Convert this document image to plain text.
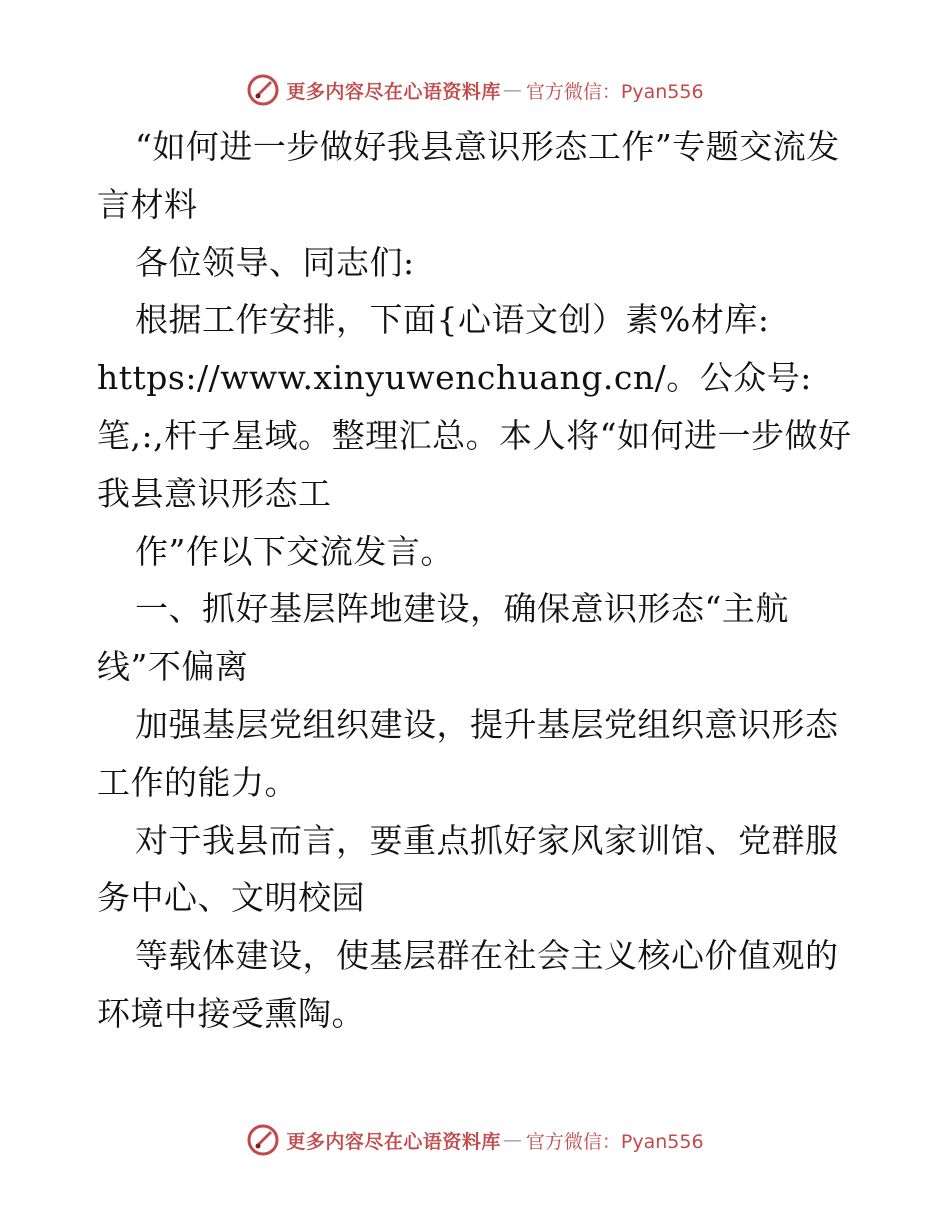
更多内容尽在心语资料库 — 官方微信：Pyan556

“如何进一步做好我县意识形态工作”专题交流发言材料

各位领导、同志们:

根据工作安排，下面{心语文创）素%材库:

https://www.xinyuwenchuang.cn/。公众号:

笔,:,杆子星域。整理汇总。本人将“如何进一步做好我县意识形态工

作”作以下交流发言。

一、抓好基层阵地建设，确保意识形态“主航线”不偏离

加强基层党组织建设，提升基层党组织意识形态工作的能力。

对于我县而言，要重点抓好家风家训馆、党群服务中心、文明校园

等载体建设，使基层群在社会主义核心价值观的环境中接受熏陶。

更多内容尽在心语资料库 — 官方微信：Pyan556
